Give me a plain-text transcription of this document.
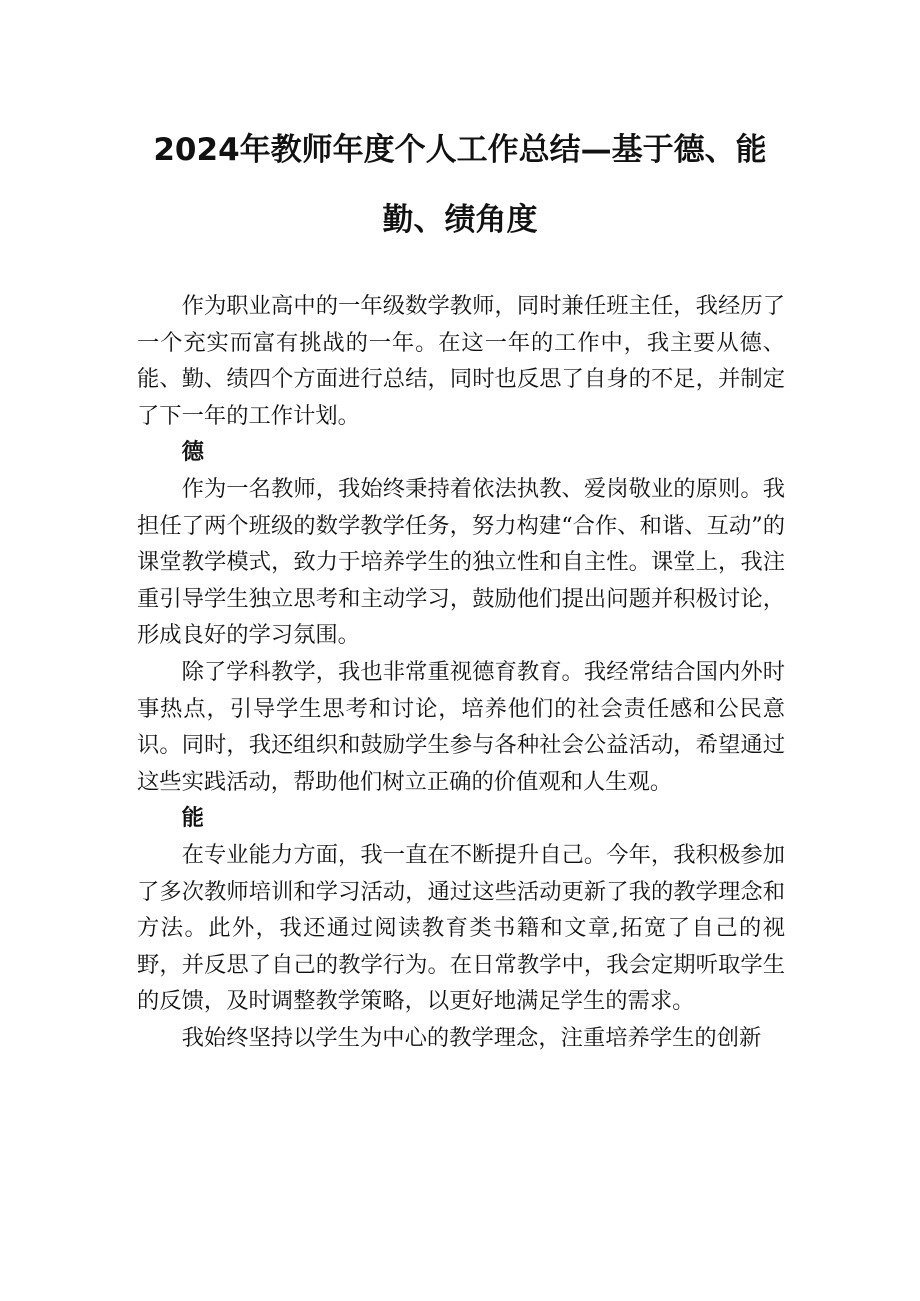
2024年教师年度个人工作总结—基于德、能
勤、绩角度

作为职业高中的一年级数学教师，同时兼任班主任，我经历了一个充实而富有挑战的一年。在这一年的工作中，我主要从德、能、勤、绩四个方面进行总结，同时也反思了自身的不足，并制定了下一年的工作计划。

德

作为一名教师，我始终秉持着依法执教、爱岗敬业的原则。我担任了两个班级的数学教学任务，努力构建“合作、和谐、互动”的课堂教学模式，致力于培养学生的独立性和自主性。课堂上，我注重引导学生独立思考和主动学习，鼓励他们提出问题并积极讨论，形成良好的学习氛围。

除了学科教学，我也非常重视德育教育。我经常结合国内外时事热点，引导学生思考和讨论，培养他们的社会责任感和公民意识。同时，我还组织和鼓励学生参与各种社会公益活动，希望通过这些实践活动，帮助他们树立正确的价值观和人生观。

能

在专业能力方面，我一直在不断提升自己。今年，我积极参加了多次教师培训和学习活动，通过这些活动更新了我的教学理念和方法。此外，我还通过阅读教育类书籍和文章,拓宽了自己的视野，并反思了自己的教学行为。在日常教学中，我会定期听取学生的反馈，及时调整教学策略，以更好地满足学生的需求。

我始终坚持以学生为中心的教学理念，注重培养学生的创新
